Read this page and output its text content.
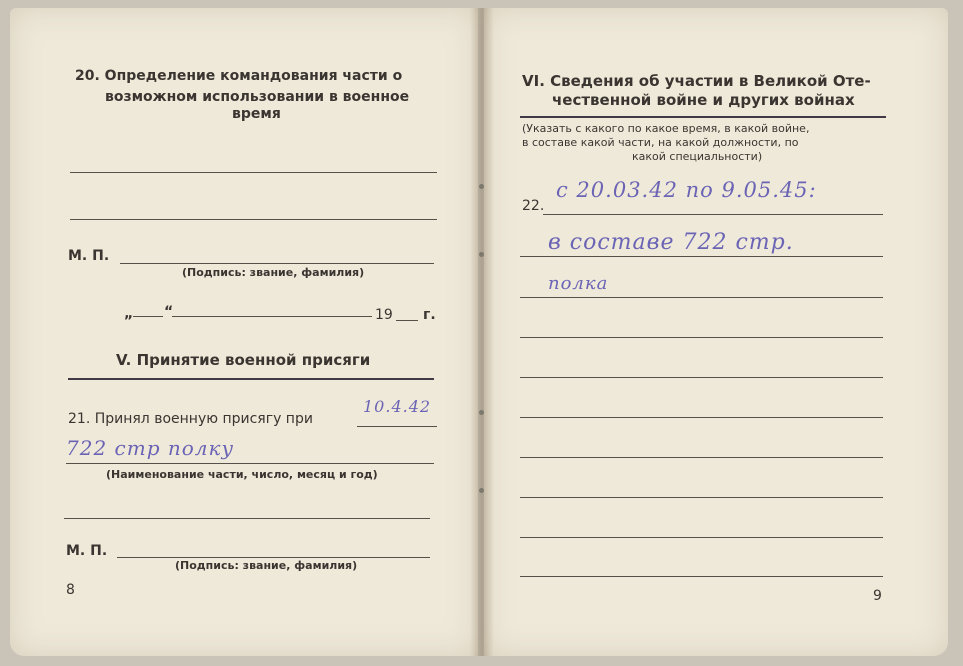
20. Определение командования части о
возможном использовании в военное
время
М. П.
(Подпись: звание, фамилия)
„ “	19 г.
V. Принятие военной присяги
21. Принял военную присягу при
10.4.42
722 стр полку
(Наименование части, число, месяц и год)
М. П.
(Подпись: звание, фамилия)
8
VI. Сведения об участии в Великой Оте-
чественной войне и других войнах
(Указать с какого по какое время, в какой войне,
в составе какой части, на какой должности, по
какой специальности)
22.
с 20.03.42 по 9.05.45:
в составе 722 стр.
полка
9
